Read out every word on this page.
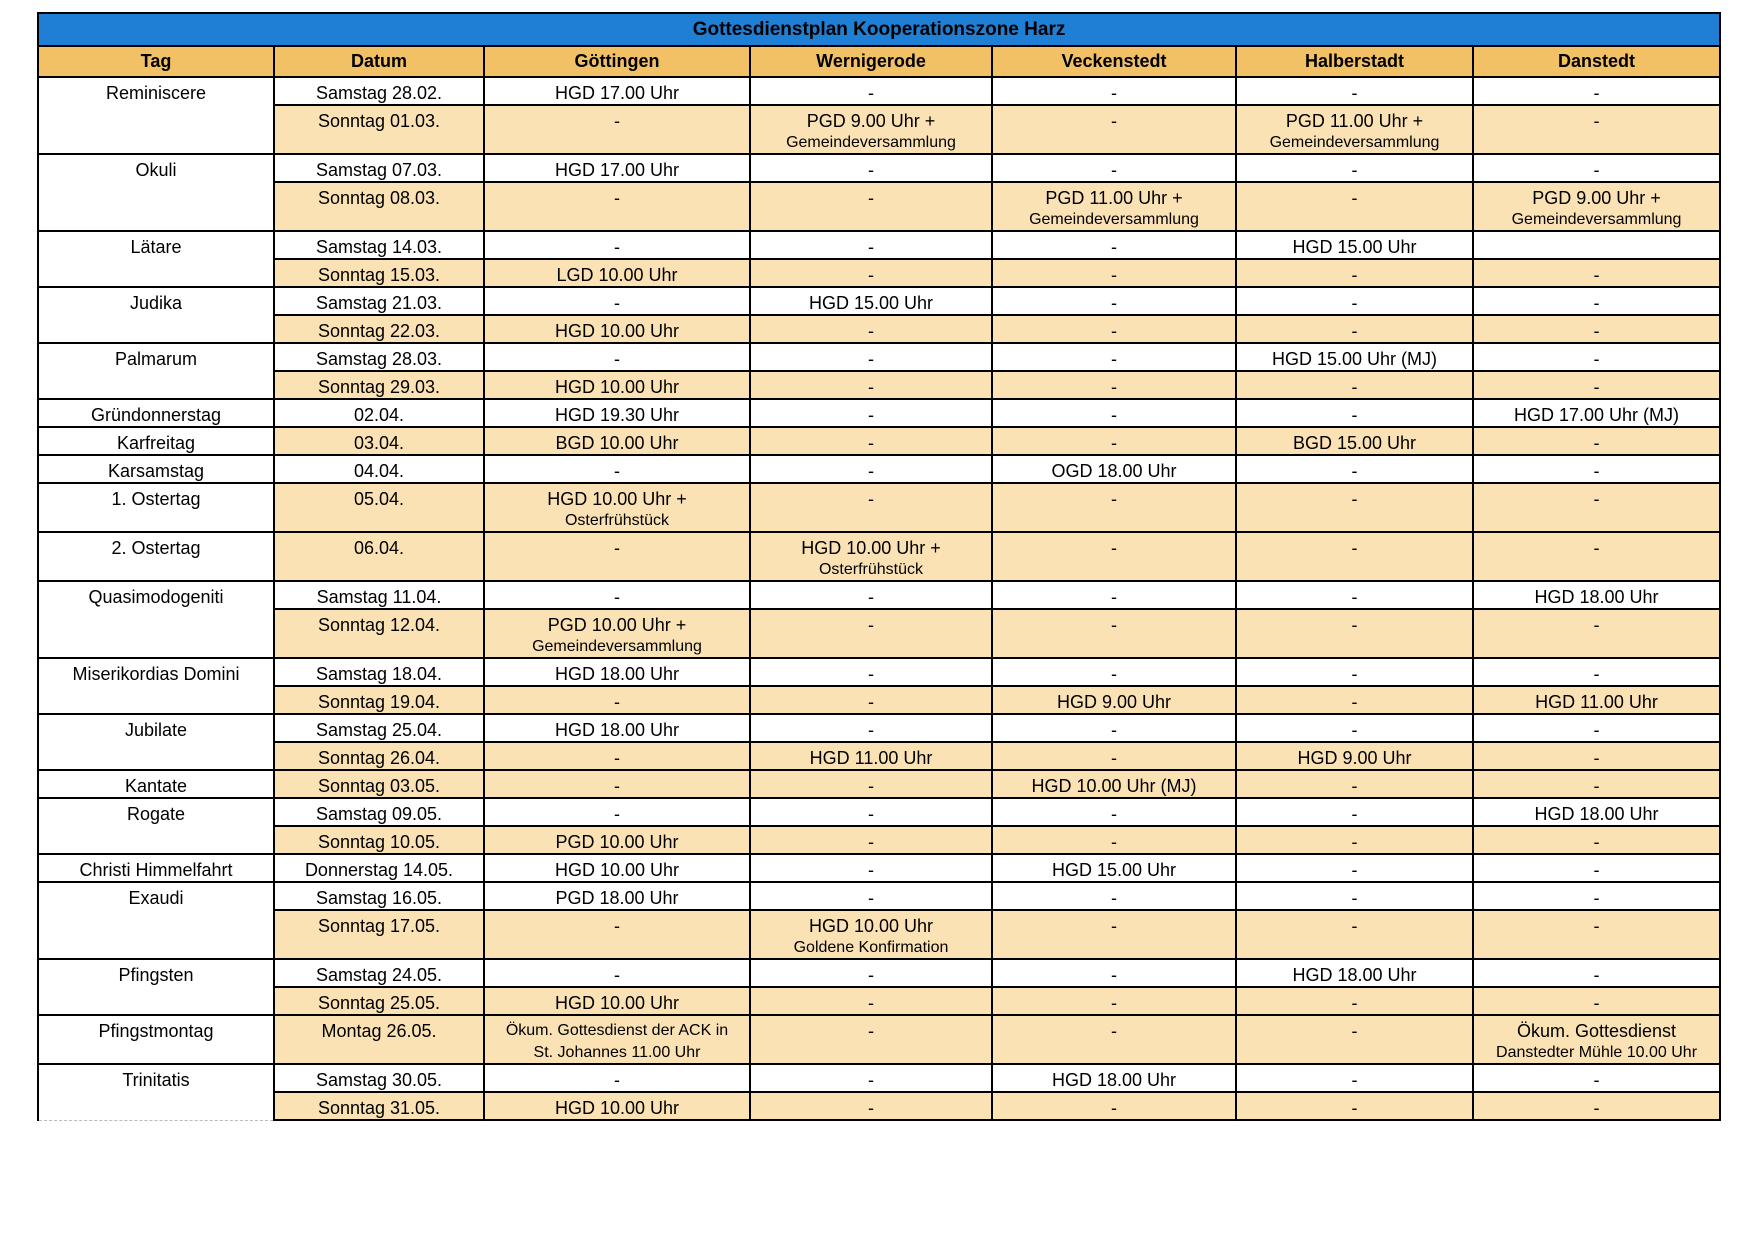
Gottesdienstplan Kooperationszone Harz						
Tag	Datum	Göttingen	Wernigerode	Veckenstedt	Halberstadt	Danstedt

Reminiscere	Samstag 28.02.	HGD 17.00 Uhr	-	-	-	-

	Sonntag 01.03.	-	PGD 9.00 Uhr +
Gemeindeversammlung	-	PGD 11.00 Uhr +
Gemeindeversammlung	-

Okuli	Samstag 07.03.	HGD 17.00 Uhr	-	-	-	-

	Sonntag 08.03.	-	-	PGD 11.00 Uhr +
Gemeindeversammlung	-	PGD 9.00 Uhr +
Gemeindeversammlung

Lätare	Samstag 14.03.	-	-	-	HGD 15.00 Uhr	

	Sonntag 15.03.	LGD 10.00 Uhr	-	-	-	-

Judika	Samstag 21.03.	-	HGD 15.00 Uhr	-	-	-

	Sonntag 22.03.	HGD 10.00 Uhr	-	-	-	-

Palmarum	Samstag 28.03.	-	-	-	HGD 15.00 Uhr (MJ)	-

	Sonntag 29.03.	HGD 10.00 Uhr	-	-	-	-

Gründonnerstag	02.04.	HGD 19.30 Uhr	-	-	-	HGD 17.00 Uhr (MJ)

Karfreitag	03.04.	BGD 10.00 Uhr	-	-	BGD 15.00 Uhr	-

Karsamstag	04.04.	-	-	OGD 18.00 Uhr	-	-

1. Ostertag	05.04.	HGD 10.00 Uhr +
Osterfrühstück	-	-	-	-

2. Ostertag	06.04.	-	HGD 10.00 Uhr +
Osterfrühstück	-	-	-

Quasimodogeniti	Samstag 11.04.	-	-	-	-	HGD 18.00 Uhr

	Sonntag 12.04.	PGD 10.00 Uhr +
Gemeindeversammlung	-	-	-	-

Miserikordias Domini	Samstag 18.04.	HGD 18.00 Uhr	-	-	-	-

	Sonntag 19.04.	-	-	HGD 9.00 Uhr	-	HGD 11.00 Uhr

Jubilate	Samstag 25.04.	HGD 18.00 Uhr	-	-	-	-

	Sonntag 26.04.	-	HGD 11.00 Uhr	-	HGD 9.00 Uhr	-

Kantate	Sonntag 03.05.	-	-	HGD 10.00 Uhr (MJ)	-	-

Rogate	Samstag 09.05.	-	-	-	-	HGD 18.00 Uhr

	Sonntag 10.05.	PGD 10.00 Uhr	-	-	-	-

Christi Himmelfahrt	Donnerstag 14.05.	HGD 10.00 Uhr	-	HGD 15.00 Uhr	-	-

Exaudi	Samstag 16.05.	PGD 18.00 Uhr	-	-	-	-

	Sonntag 17.05.	-	HGD 10.00 Uhr
Goldene Konfirmation	-	-	-

Pfingsten	Samstag 24.05.	-	-	-	HGD 18.00 Uhr	-

	Sonntag 25.05.	HGD 10.00 Uhr	-	-	-	-

Pfingstmontag	Montag 26.05.	Ökum. Gottesdienst der ACK in
St. Johannes 11.00 Uhr	-	-	-	Ökum. Gottesdienst
Danstedter Mühle 10.00 Uhr

Trinitatis	Samstag 30.05.	-	-	HGD 18.00 Uhr	-	-

	Sonntag 31.05.	HGD 10.00 Uhr	-	-	-	-
